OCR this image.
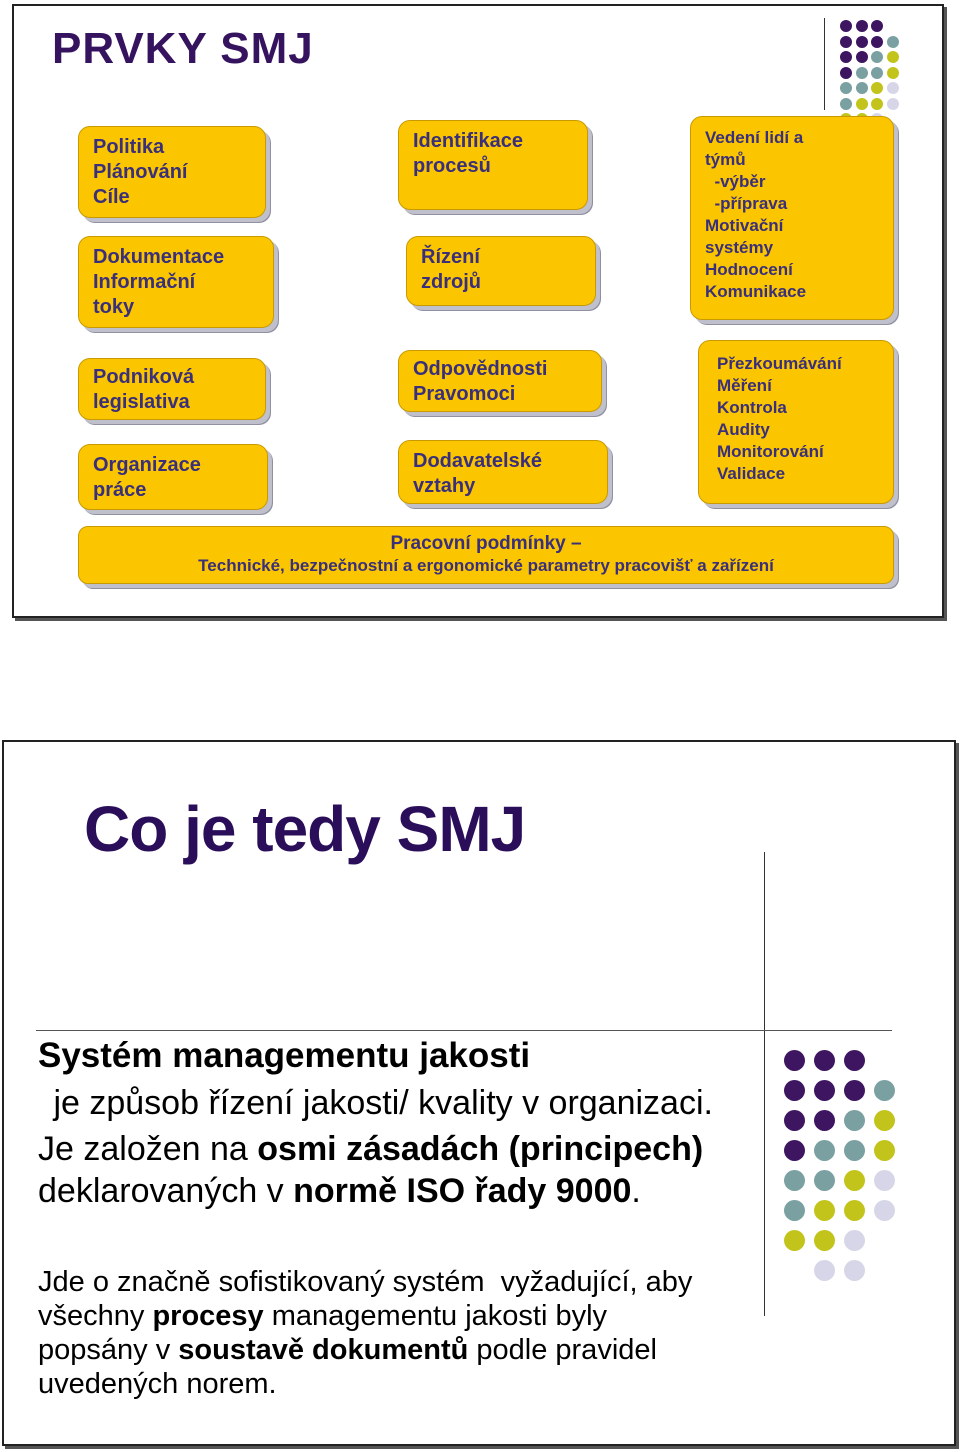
PRVKY SMJ
Politika
Plánování
Cíle
Dokumentace
Informační
toky
Identifikace
procesů
Řízení
zdrojů
Vedení lidí a
týmů
-výběr
-příprava
Motivační
systémy
Hodnocení
Komunikace
Podniková
legislativa
Organizace
práce
Odpovědnosti
Pravomoci
Dodavatelské
vztahy
Přezkoumávání
Měření
Kontrola
Audity
Monitorování
Validace
Pracovní podmínky –
Technické, bezpečnostní a ergonomické parametry pracovišť a zařízení
Co je tedy SMJ
Systém managementu jakosti
je způsob řízení jakosti/ kvality v organizaci.
Je založen na osmi zásadách (principech)
deklarovaných v normě ISO řady 9000.
Jde o značně sofistikovaný systém  vyžadující, aby
všechny procesy managementu jakosti byly
popsány v soustavě dokumentů podle pravidel
uvedených norem.
